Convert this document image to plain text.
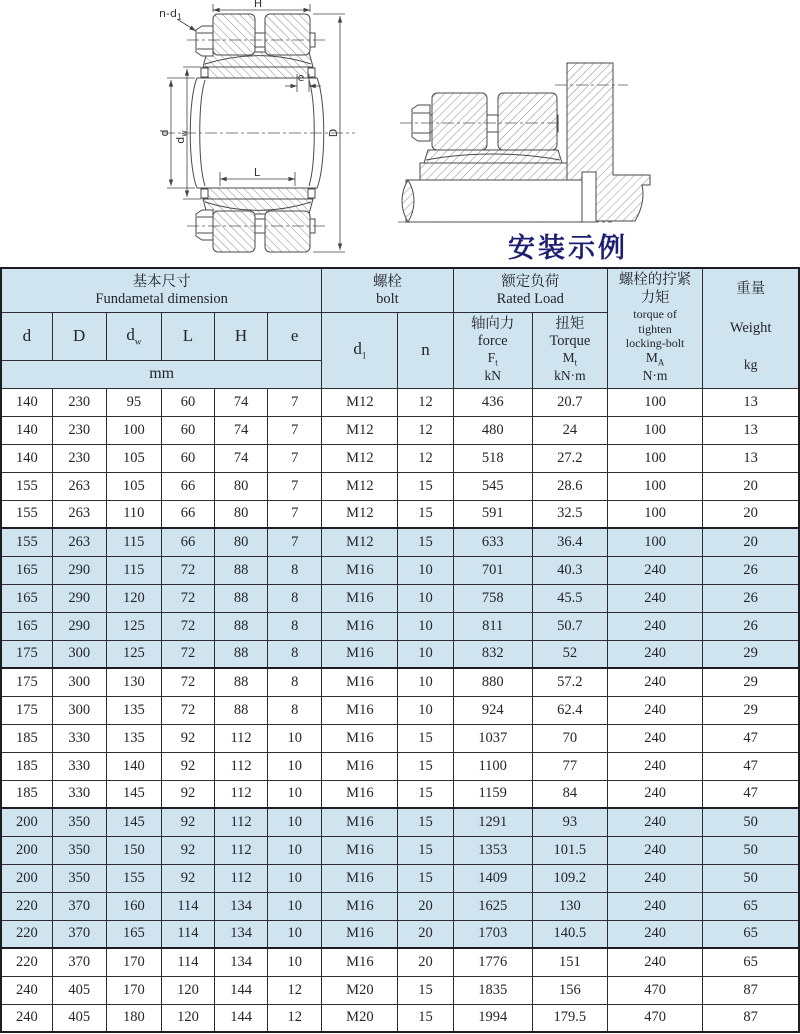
$n-d_1$
H
e
d
$d_w$	D
L
安装示例
基本尺寸
Fundametal dimension

螺栓
bolt

额定负荷
Rated Load

螺栓的拧紧
力矩
torque of
tighten
locking-bolt
$M_A$
N·m

重量
Weight
kg

d	D	$d_w$	L	H	e	$d_1$	n	
轴向力
force
$F_t$
kN

扭矩
Torque
$M_t$
kN·m

mm											
140	230	95	60	74	7	M12	12	436	20.7	100	13
140	230	100	60	74	7	M12	12	480	24	100	13
140	230	105	60	74	7	M12	12	518	27.2	100	13
155	263	105	66	80	7	M12	15	545	28.6	100	20
155	263	110	66	80	7	M12	15	591	32.5	100	20
155	263	115	66	80	7	M12	15	633	36.4	100	20
165	290	115	72	88	8	M16	10	701	40.3	240	26
165	290	120	72	88	8	M16	10	758	45.5	240	26
165	290	125	72	88	8	M16	10	811	50.7	240	26
175	300	125	72	88	8	M16	10	832	52	240	29
175	300	130	72	88	8	M16	10	880	57.2	240	29
175	300	135	72	88	8	M16	10	924	62.4	240	29
185	330	135	92	112	10	M16	15	1037	70	240	47
185	330	140	92	112	10	M16	15	1100	77	240	47
185	330	145	92	112	10	M16	15	1159	84	240	47
200	350	145	92	112	10	M16	15	1291	93	240	50
200	350	150	92	112	10	M16	15	1353	101.5	240	50
200	350	155	92	112	10	M16	15	1409	109.2	240	50
220	370	160	114	134	10	M16	20	1625	130	240	65
220	370	165	114	134	10	M16	20	1703	140.5	240	65
220	370	170	114	134	10	M16	20	1776	151	240	65
240	405	170	120	144	12	M20	15	1835	156	470	87
240	405	180	120	144	12	M20	15	1994	179.5	470	87
